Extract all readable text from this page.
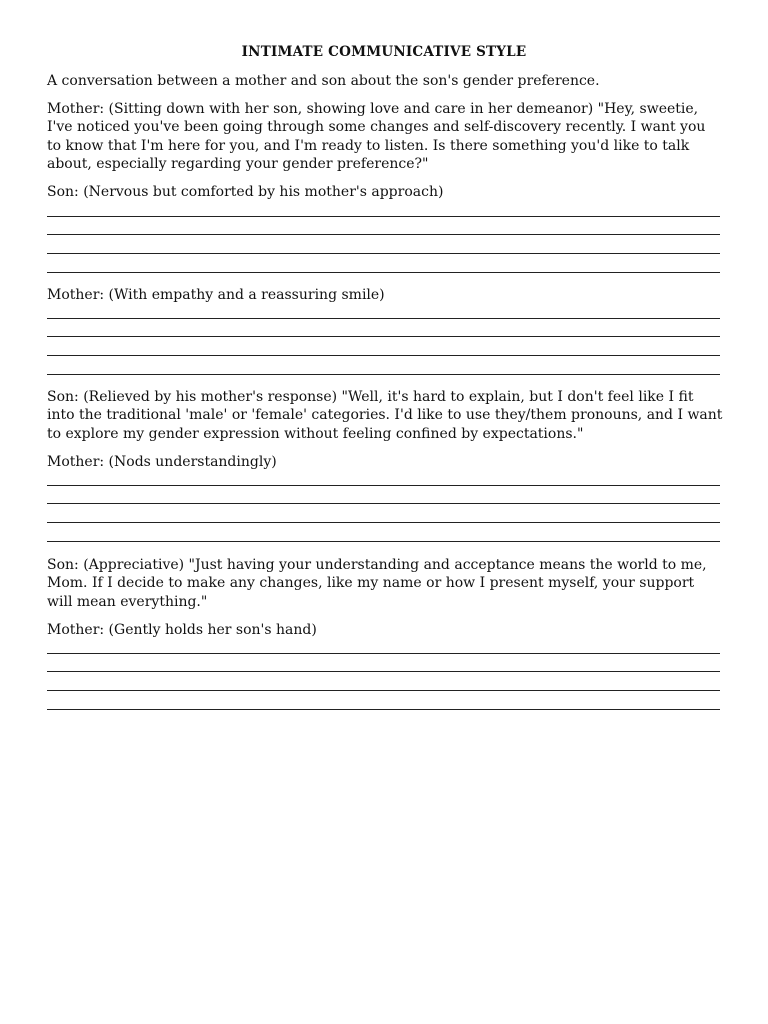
INTIMATE COMMUNICATIVE STYLE

A conversation between a mother and son about the son's gender preference.

Mother: (Sitting down with her son, showing love and care in her demeanor) "Hey, sweetie, I've noticed you've been going through some changes and self-discovery recently. I want you to know that I'm here for you, and I'm ready to listen. Is there something you'd like to talk about, especially regarding your gender preference?"

Son: (Nervous but comforted by his mother's approach)

Mother: (With empathy and a reassuring smile)

Son: (Relieved by his mother's response) "Well, it's hard to explain, but I don't feel like I fit into the traditional 'male' or 'female' categories. I'd like to use they/them pronouns, and I want to explore my gender expression without feeling confined by expectations."

Mother: (Nods understandingly)

Son: (Appreciative) "Just having your understanding and acceptance means the world to me, Mom. If I decide to make any changes, like my name or how I present myself, your support will mean everything."

Mother: (Gently holds her son's hand)
